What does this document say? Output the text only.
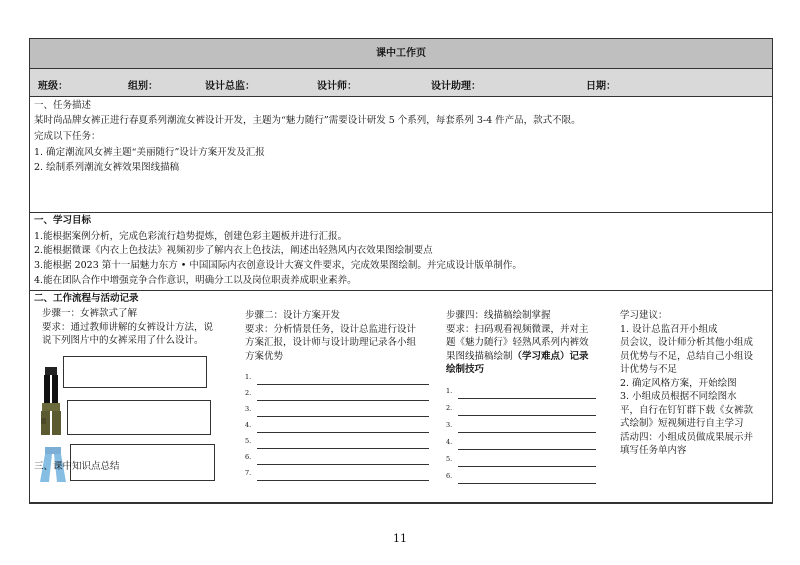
课中工作页
班级：	组别：	设计总监：	设计师：	设计助理：	日期：
一、任务描述
某时尚品牌女裤正进行春夏系列潮流女裤设计开发，主题为“魅力随行”需要设计研发 5 个系列，每套系列 3-4 件产品，款式不限。
完成以下任务：
1. 确定潮流风女裤主题“美丽随行”设计方案开发及汇报
2. 绘制系列潮流女裤效果图线描稿
一、学习目标
1.能根据案例分析，完成色彩流行趋势提炼，创建色彩主题板并进行汇报。
2.能根据微课《内衣上色技法》视频初步了解内衣上色技法，阐述出轻熟风内衣效果图绘制要点
3.能根据 2023 第十一届魅力东方 • 中国国际内衣创意设计大赛文件要求，完成效果图绘制。并完成设计版单制作。
4.能在团队合作中增强竞争合作意识，明确分工以及岗位职责养成职业素养。
二、工作流程与活动记录
步骤一：女裤款式了解
要求：通过教师讲解的女裤设计方法，说
说下列图片中的女裤采用了什么设计。
步骤二：设计方案开发
要求：分析情景任务，设计总监进行设计
方案汇报，设计师与设计助理记录各小组
方案优势
1.
2.
3.
4.
5.
6.
7.
步骤四：线描稿绘制掌握
要求：扫码观看视频微课，并对主
题《魅力随行》轻熟风系列内裤效
果图线描稿绘制（学习难点）记录
绘制技巧
1.
2.
3.
4.
5.
6.
学习建议：
1. 设计总监召开小组成
员会议，设计师分析其他小组成
员优势与不足，总结自己小组设
计优势与不足
2. 确定风格方案，开始绘图
3. 小组成员根据不同绘图水
平，自行在钉钉群下载《女裤款
式绘制》短视频进行自主学习
活动四：小组成员做成果展示并
填写任务单内容
三、课中知识点总结
11
